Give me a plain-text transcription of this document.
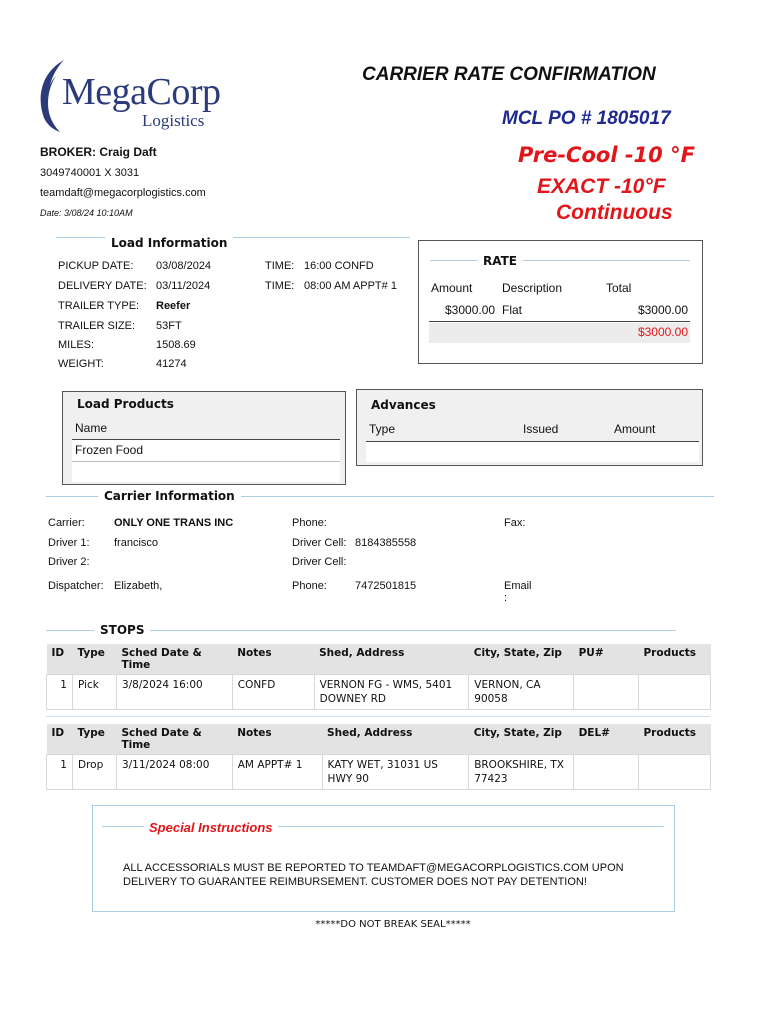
MegaCorp
Logistics
CARRIER RATE CONFIRMATION
MCL PO # 1805017
Pre-Cool -10 °F
EXACT -10°F
Continuous
BROKER: Craig Daft
3049740001 X 3031
teamdaft@megacorplogistics.com
Date: 3/08/24 10:10AM
Load Information
PICKUP DATE: 03/08/2024
DELIVERY DATE: 03/11/2024
TRAILER TYPE: Reefer
TRAILER SIZE: 53FT
MILES:	1508.69
WEIGHT:	41274
TIME: 16:00 CONFD
TIME: 08:00 AM APPT# 1
RATE
Amount Description	Total
$3000.00 Flat	$3000.00
$3000.00
Load Products
Name
Frozen Food
Advances
Type	Issued	Amount
Carrier Information
Carrier:	ONLY ONE TRANS INC
Driver 1: francisco
Driver 2:
Dispatcher: Elizabeth,
Phone:
Driver Cell: 8184385558
Driver Cell:
Phone:	7472501815
Fax:
Email
:
STOPS
ID	Type	Sched Date & Time	Notes	Shed, Address	City, State, Zip	PU#	Products
1	Pick	3/8/2024 16:00	CONFD	VERNON FG - WMS, 5401 DOWNEY RD	VERNON, CA 90058		
ID	Type	Sched Date & Time	Notes	Shed, Address	City, State, Zip	DEL#	Products
1	Drop	3/11/2024 08:00	AM APPT# 1	KATY WET, 31031 US HWY 90	BROOKSHIRE, TX 77423		
Special Instructions
ALL ACCESSORIALS MUST BE REPORTED TO TEAMDAFT@MEGACORPLOGISTICS.COM UPON DELIVERY TO GUARANTEE REIMBURSEMENT. CUSTOMER DOES NOT PAY DETENTION!
*****DO NOT BREAK SEAL*****
